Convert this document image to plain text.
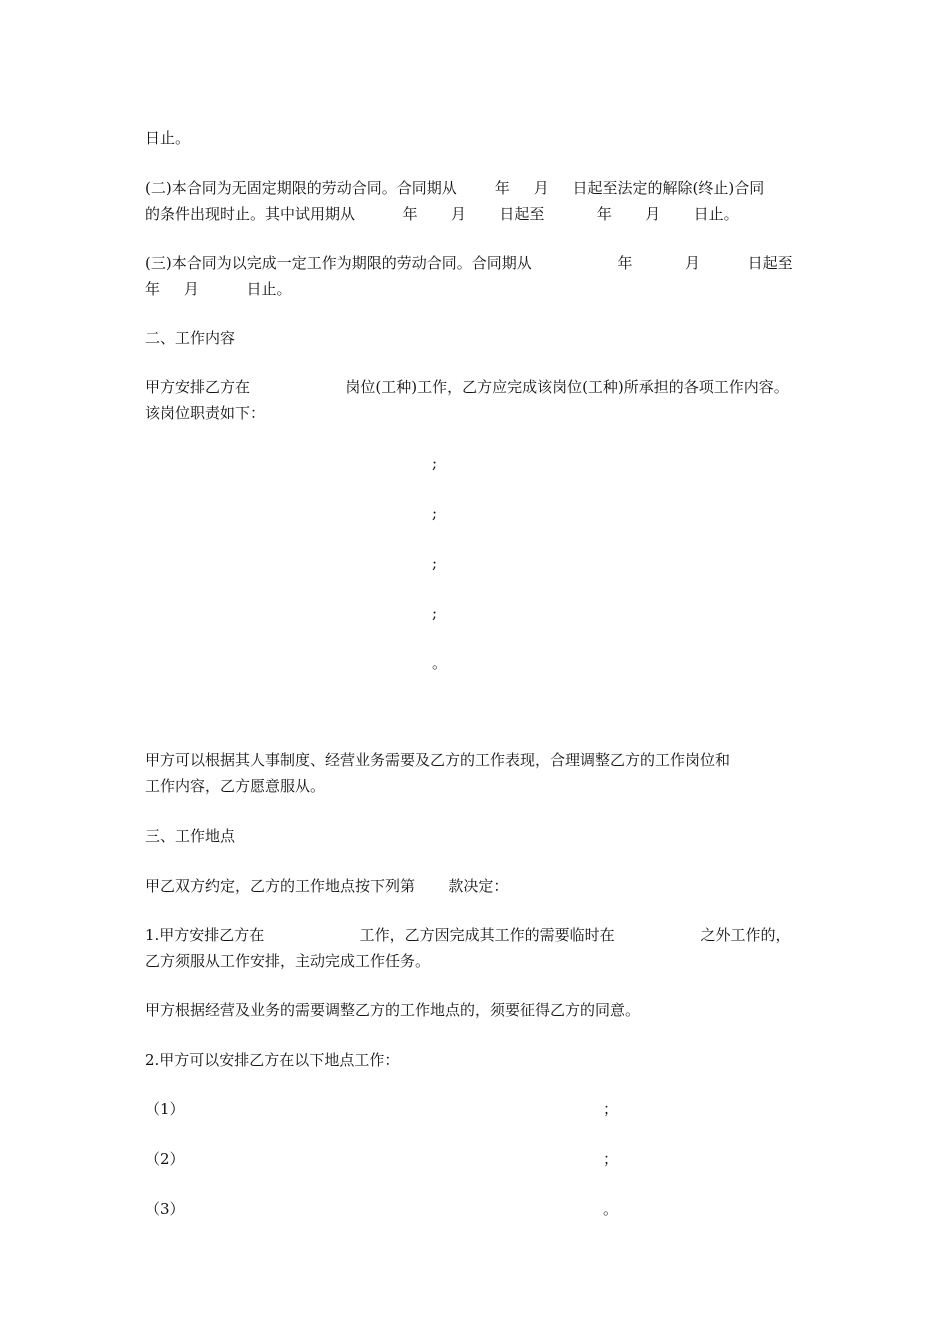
日止。
(二)本合同为无固定期限的劳动合同。合同期从        年     月     日起至法定的解除(终止)合同
的条件出现时止。其中试用期从          年       月       日起至           年       月       日止。
(三)本合同为以完成一定工作为期限的劳动合同。合同期从                  年           月          日起至
年     月          日止。
二、工作内容
甲方安排乙方在                    岗位(工种)工作，乙方应完成该岗位(工种)所承担的各项工作内容。
该岗位职责如下：
;
;
;
;
。
甲方可以根据其人事制度、经营业务需要及乙方的工作表现，合理调整乙方的工作岗位和
工作内容，乙方愿意服从。
三、工作地点
甲乙双方约定，乙方的工作地点按下列第       款决定：
1.甲方安排乙方在                    工作，乙方因完成其工作的需要临时在                  之外工作的，
乙方须服从工作安排，主动完成工作任务。
甲方根据经营及业务的需要调整乙方的工作地点的，须要征得乙方的同意。
2.甲方可以安排乙方在以下地点工作：
（1）	；
（2）	；
（3）	。
